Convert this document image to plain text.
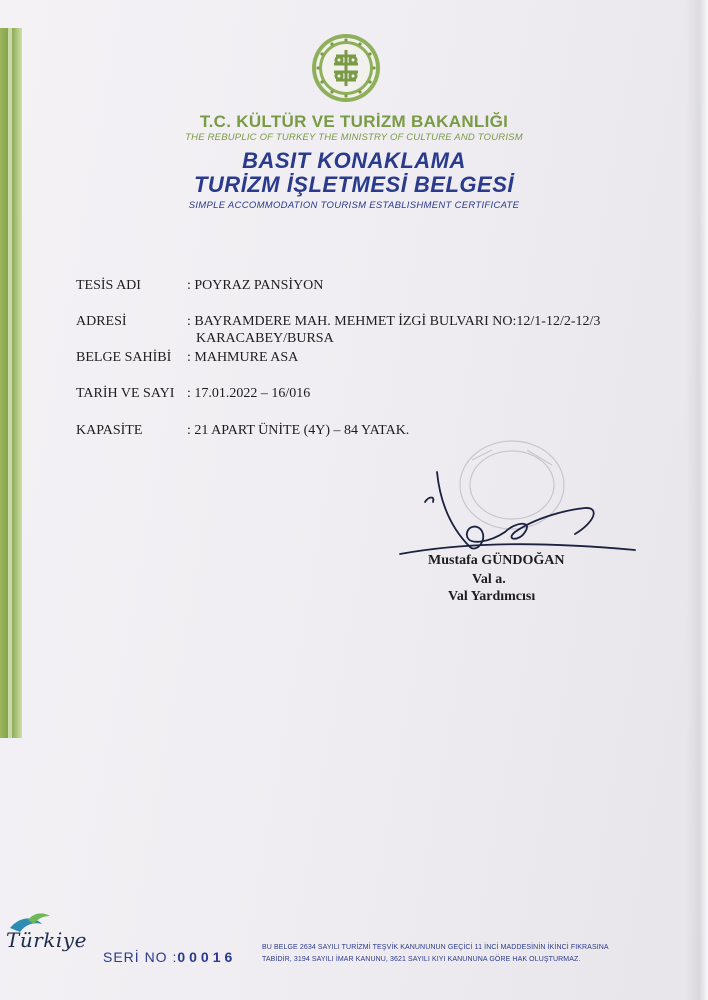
T.C. KÜLTÜR VE TURİZM BAKANLIĞI
THE REBUPLIC OF TURKEY THE MINISTRY OF CULTURE AND TOURISM
BASIT KONAKLAMA
TURİZM İŞLETMESİ BELGESİ
SIMPLE ACCOMMODATION TOURISM ESTABLISHMENT CERTIFICATE
TESİS ADI	: POYRAZ PANSİYON
ADRESİ	: BAYRAMDERE MAH. MEHMET İZGİ BULVARI NO:12/1-12/2-12/3
KARACABEY/BURSA
BELGE SAHİBİ : MAHMURE ASA
TARİH VE SAYI : 17.01.2022 – 16/016
KAPASİTE	: 21 APART ÜNİTE (4Y) – 84 YATAK.
Mustafa GÜNDOĞAN
Val a.
Val Yardımcısı
Türkiye
SERİ NO :00016
BU BELGE 2634 SAYILI TURİZMİ TEŞVİK KANUNUNUN GEÇİCİ 11 İNCİ MADDESİNİN İKİNCİ FIKRASINA
TABİDİR, 3194 SAYILI İMAR KANUNU, 3621 SAYILI KIYI KANUNUNA GÖRE HAK OLUŞTURMAZ.
